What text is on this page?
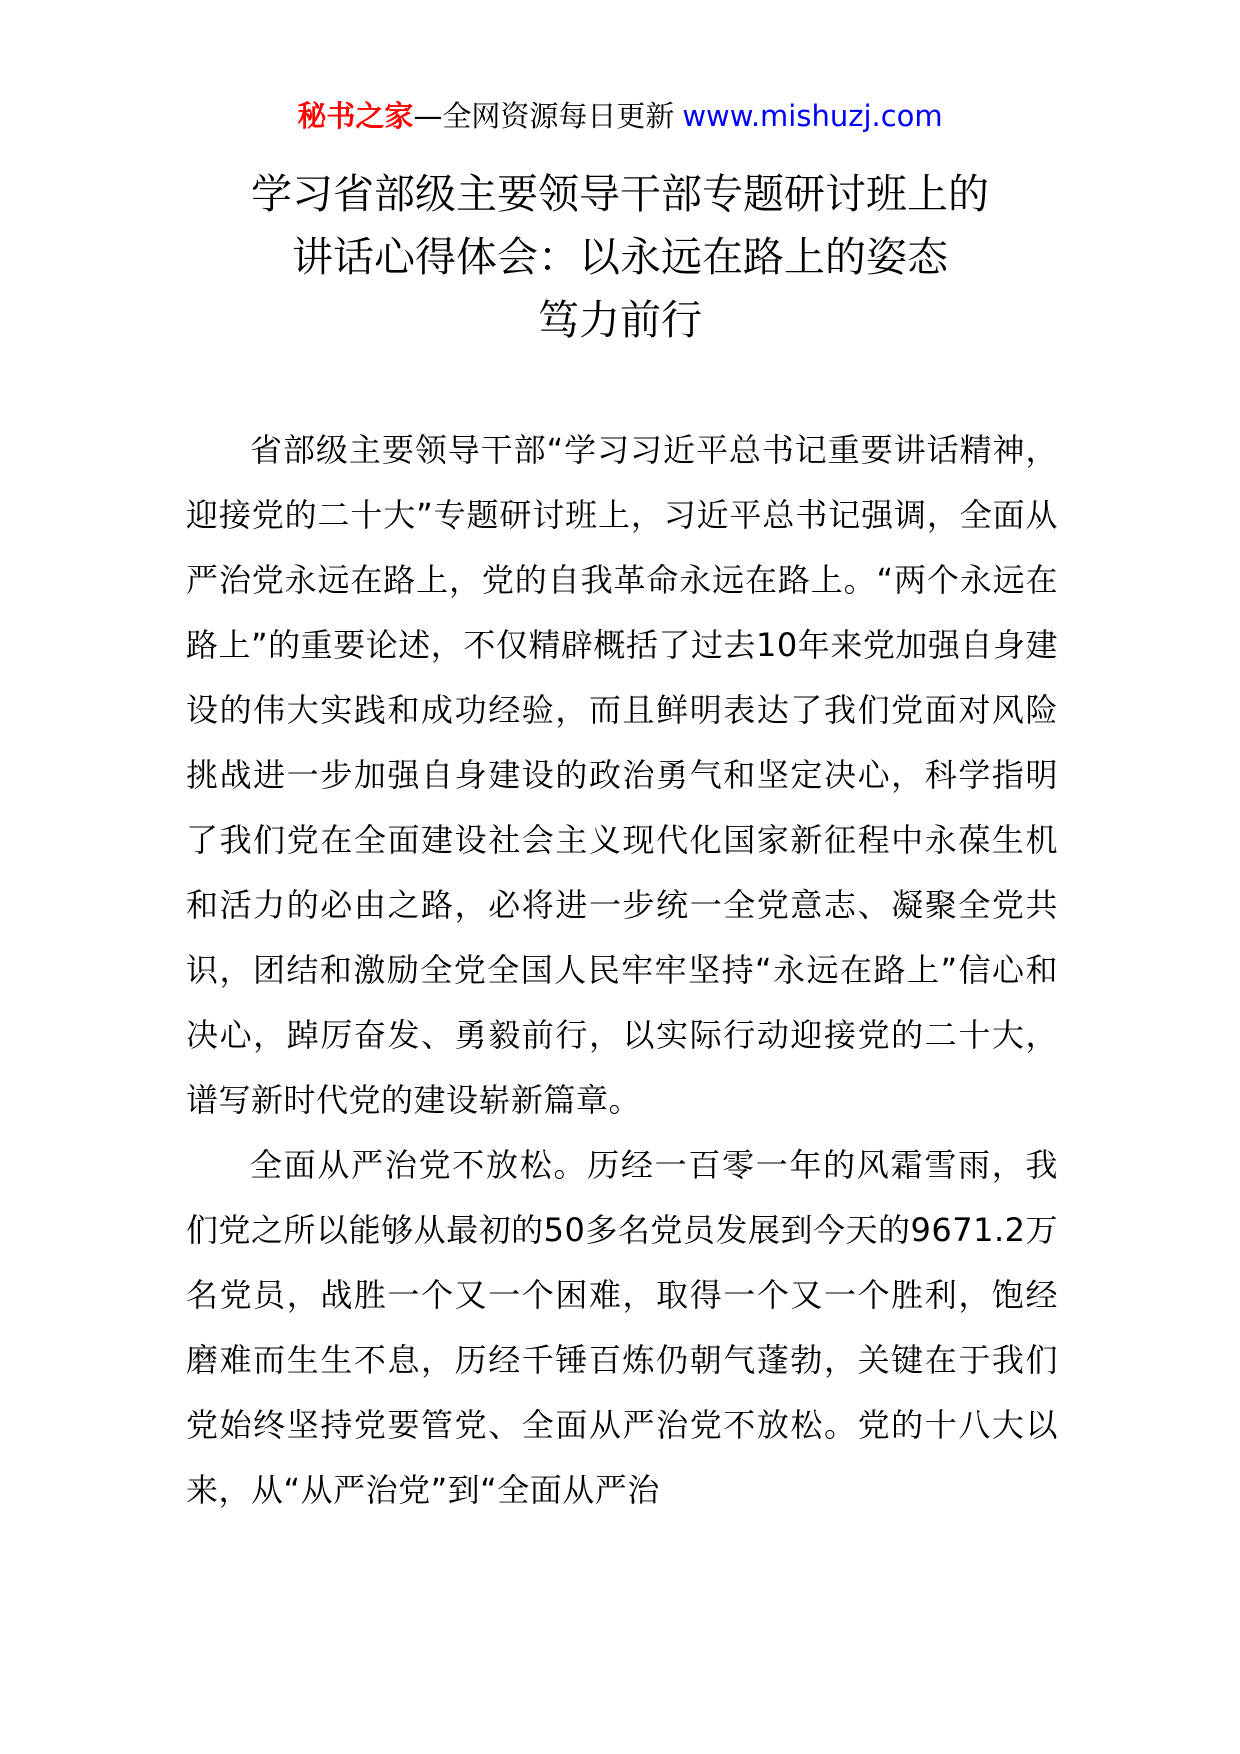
秘书之家—全网资源每日更新 www.mishuzj.com
学习省部级主要领导干部专题研讨班上的
讲话心得体会：以永远在路上的姿态
笃力前行

省部级主要领导干部“学习习近平总书记重要讲话精神，迎接党的二十大”专题研讨班上，习近平总书记强调，全面从严治党永远在路上，党的自我革命永远在路上。“两个永远在路上”的重要论述，不仅精辟概括了过去10年来党加强自身建设的伟大实践和成功经验，而且鲜明表达了我们党面对风险挑战进一步加强自身建设的政治勇气和坚定决心，科学指明了我们党在全面建设社会主义现代化国家新征程中永葆生机和活力的必由之路，必将进一步统一全党意志、凝聚全党共识，团结和激励全党全国人民牢牢坚持“永远在路上”信心和决心，踔厉奋发、勇毅前行，以实际行动迎接党的二十大，谱写新时代党的建设崭新篇章。

全面从严治党不放松。历经一百零一年的风霜雪雨，我们党之所以能够从最初的50多名党员发展到今天的9671.2万名党员，战胜一个又一个困难，取得一个又一个胜利，饱经磨难而生生不息，历经千锤百炼仍朝气蓬勃，关键在于我们党始终坚持党要管党、全面从严治党不放松。党的十八大以来，从“从严治党”到“全面从严治
